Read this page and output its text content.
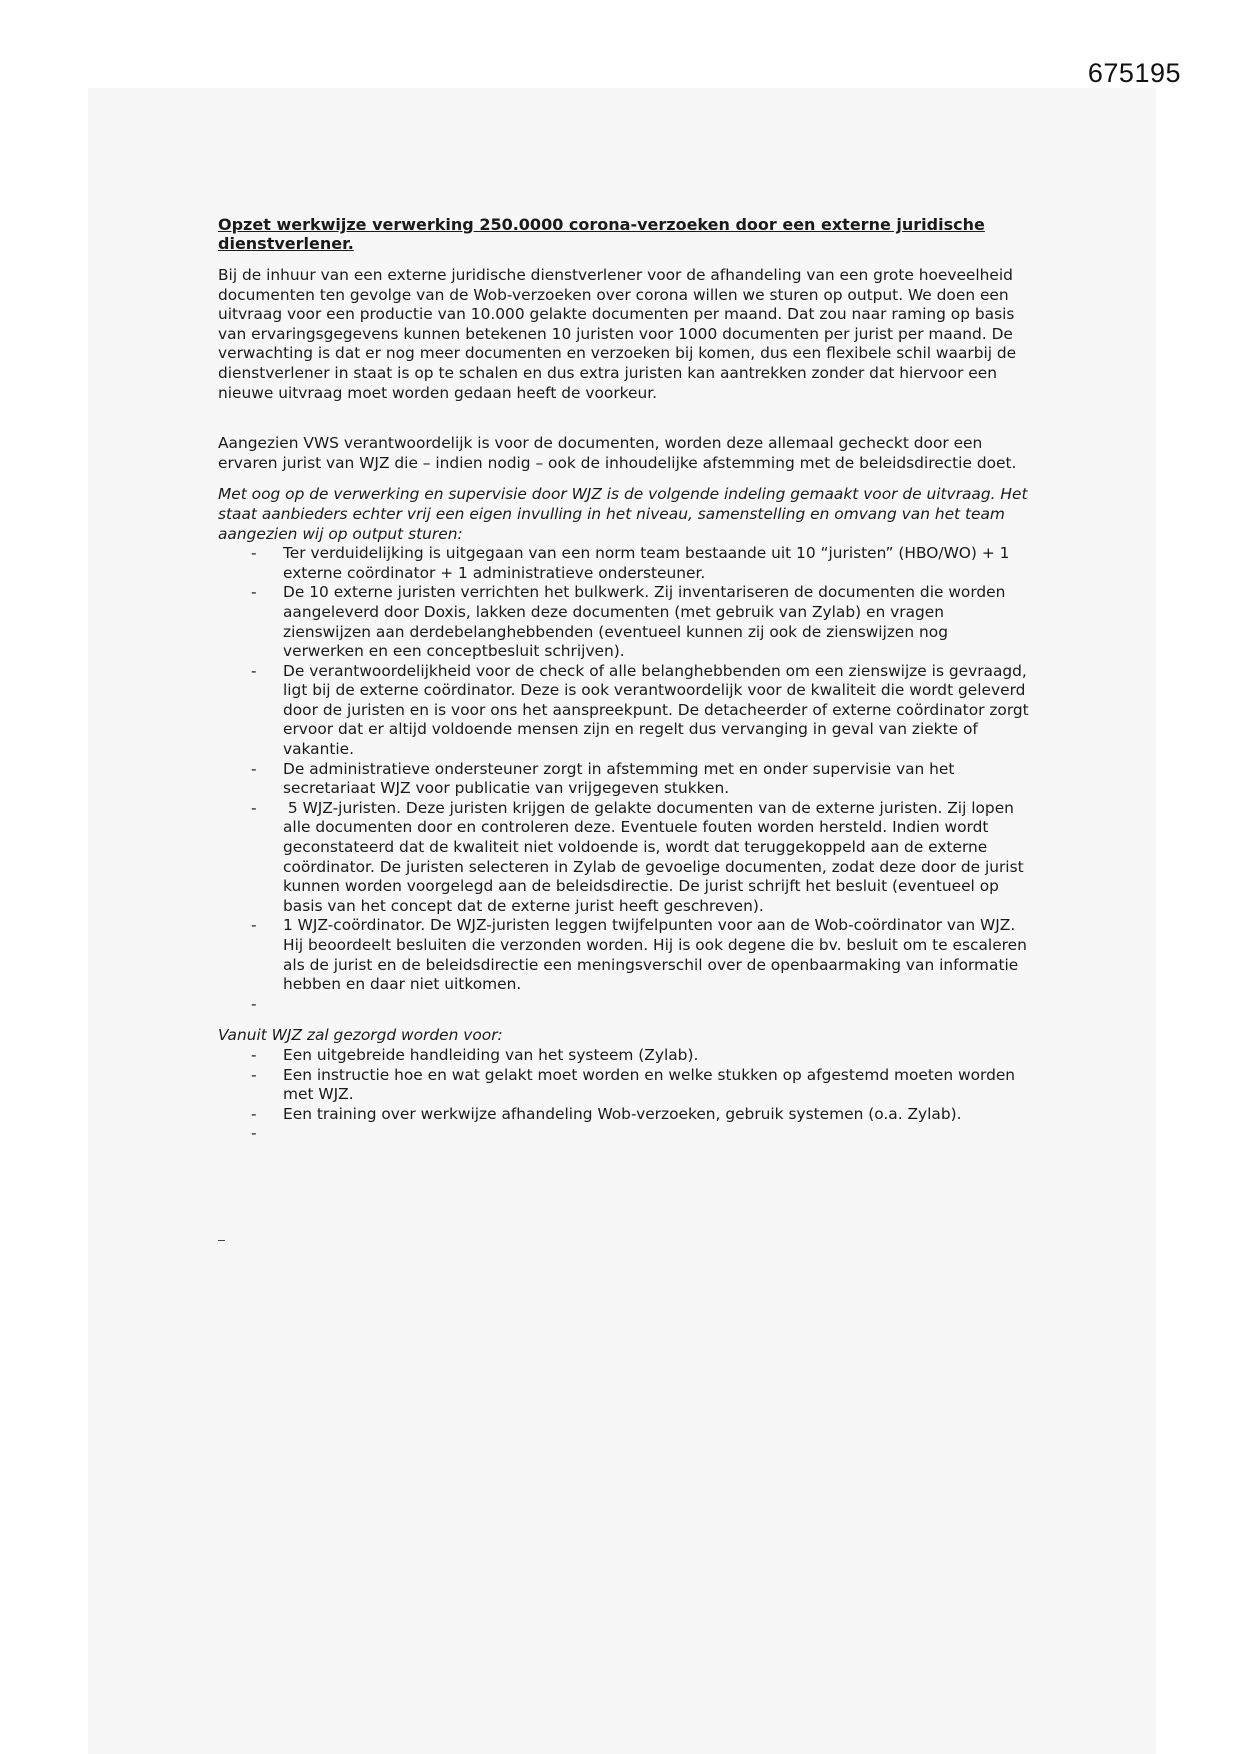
675195

Opzet werkwijze verwerking 250.0000 corona-verzoeken door een externe juridische dienstverlener.

Bij de inhuur van een externe juridische dienstverlener voor de afhandeling van een grote hoeveelheid documenten ten gevolge van de Wob-verzoeken over corona willen we sturen op output. We doen een uitvraag voor een productie van 10.000 gelakte documenten per maand. Dat zou naar raming op basis van ervaringsgegevens kunnen betekenen 10 juristen voor 1000 documenten per jurist per maand. De verwachting is dat er nog meer documenten en verzoeken bij komen, dus een flexibele schil waarbij de dienstverlener in staat is op te schalen en dus extra juristen kan aantrekken zonder dat hiervoor een nieuwe uitvraag moet worden gedaan heeft de voorkeur.

Aangezien VWS verantwoordelijk is voor de documenten, worden deze allemaal gecheckt door een ervaren jurist van WJZ die – indien nodig – ook de inhoudelijke afstemming met de beleidsdirectie doet.

Met oog op de verwerking en supervisie door WJZ is de volgende indeling gemaakt voor de uitvraag. Het staat aanbieders echter vrij een eigen invulling in het niveau, samenstelling en omvang van het team aangezien wij op output sturen:

- Ter verduidelijking is uitgegaan van een norm team bestaande uit 10 “juristen” (HBO/WO) + 1 externe coördinator + 1 administratieve ondersteuner.
- De 10 externe juristen verrichten het bulkwerk. Zij inventariseren de documenten die worden aangeleverd door Doxis, lakken deze documenten (met gebruik van Zylab) en vragen zienswijzen aan derdebelanghebbenden (eventueel kunnen zij ook de zienswijzen nog verwerken en een conceptbesluit schrijven).
- De verantwoordelijkheid voor de check of alle belanghebbenden om een zienswijze is gevraagd, ligt bij de externe coördinator. Deze is ook verantwoordelijk voor de kwaliteit die wordt geleverd door de juristen en is voor ons het aanspreekpunt. De detacheerder of externe coördinator zorgt ervoor dat er altijd voldoende mensen zijn en regelt dus vervanging in geval van ziekte of vakantie.
- De administratieve ondersteuner zorgt in afstemming met en onder supervisie van het secretariaat WJZ voor publicatie van vrijgegeven stukken.
- 5 WJZ-juristen. Deze juristen krijgen de gelakte documenten van de externe juristen. Zij lopen alle documenten door en controleren deze. Eventuele fouten worden hersteld. Indien wordt geconstateerd dat de kwaliteit niet voldoende is, wordt dat teruggekoppeld aan de externe coördinator. De juristen selecteren in Zylab de gevoelige documenten, zodat deze door de jurist kunnen worden voorgelegd aan de beleidsdirectie. De jurist schrijft het besluit (eventueel op basis van het concept dat de externe jurist heeft geschreven).
- 1 WJZ-coördinator. De WJZ-juristen leggen twijfelpunten voor aan de Wob-coördinator van WJZ. Hij beoordeelt besluiten die verzonden worden. Hij is ook degene die bv. besluit om te escaleren als de jurist en de beleidsdirectie een meningsverschil over de openbaarmaking van informatie hebben en daar niet uitkomen.
-

Vanuit WJZ zal gezorgd worden voor:

- Een uitgebreide handleiding van het systeem (Zylab).
- Een instructie hoe en wat gelakt moet worden en welke stukken op afgestemd moeten worden met WJZ.
- Een training over werkwijze afhandeling Wob-verzoeken, gebruik systemen (o.a. Zylab).
-
